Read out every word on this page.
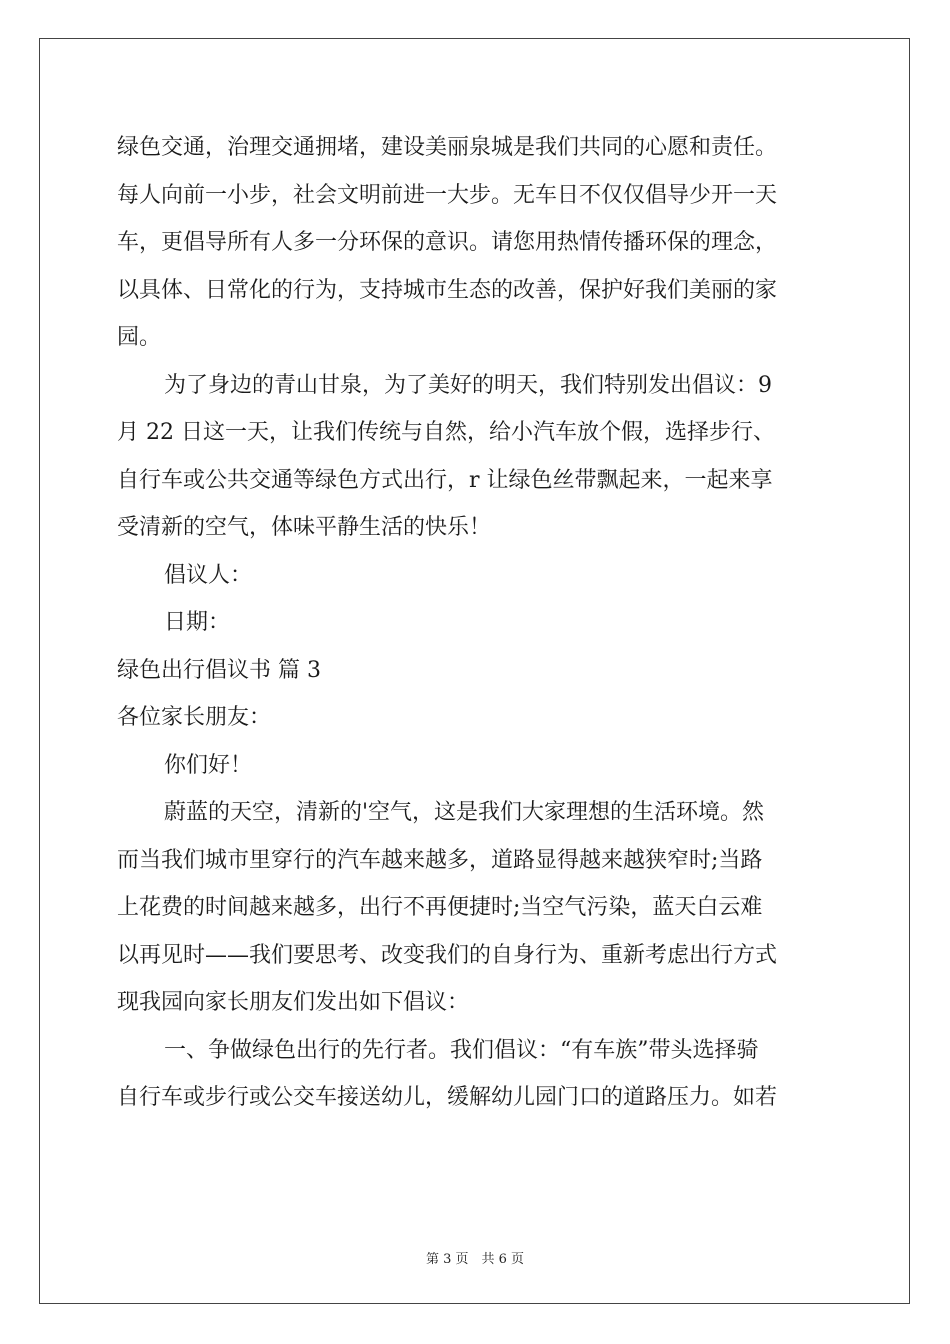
绿色交通，治理交通拥堵，建设美丽泉城是我们共同的心愿和责任。
每人向前一小步，社会文明前进一大步。无车日不仅仅倡导少开一天
车，更倡导所有人多一分环保的意识。请您用热情传播环保的理念，
以具体、日常化的行为，支持城市生态的改善，保护好我们美丽的家
园。
为了身边的青山甘泉，为了美好的明天，我们特别发出倡议：9
月 22 日这一天，让我们传统与自然，给小汽车放个假，选择步行、
自行车或公共交通等绿色方式出行，r 让绿色丝带飘起来，一起来享
受清新的空气，体味平静生活的快乐！
倡议人：
日期：
绿色出行倡议书 篇 3
各位家长朋友：
你们好！
蔚蓝的天空，清新的'空气，这是我们大家理想的生活环境。然
而当我们城市里穿行的汽车越来越多，道路显得越来越狭窄时;当路
上花费的时间越来越多，出行不再便捷时;当空气污染，蓝天白云难
以再见时——我们要思考、改变我们的自身行为、重新考虑出行方式
现我园向家长朋友们发出如下倡议：
一、争做绿色出行的先行者。我们倡议：“有车族”带头选择骑
自行车或步行或公交车接送幼儿，缓解幼儿园门口的道路压力。如若
第 3 页　共 6 页
